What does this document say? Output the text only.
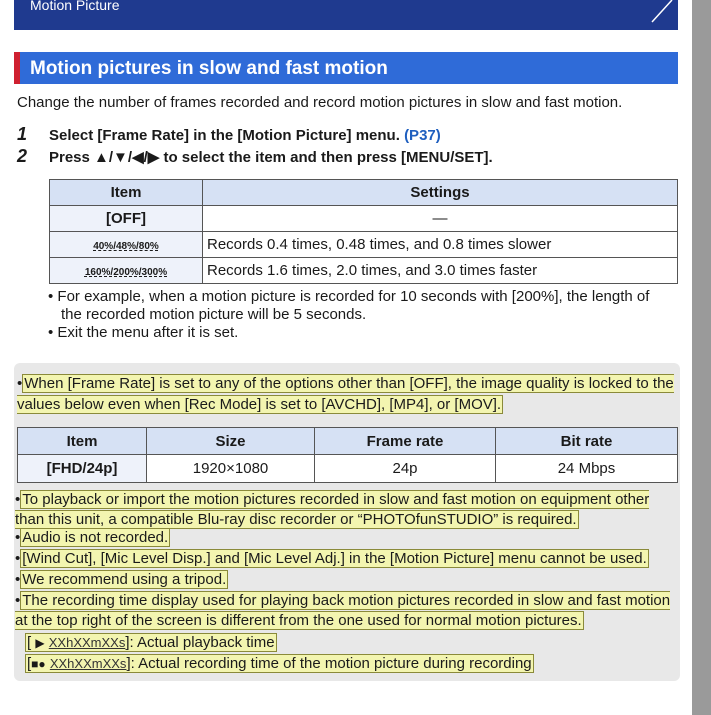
Motion Picture
Motion pictures in slow and fast motion
Change the number of frames recorded and record motion pictures in slow and fast motion.
1 Select [Frame Rate] in the [Motion Picture] menu. (P37)
2 Press ▲/▼/◀/▶ to select the item and then press [MENU/SET].
Item	Settings
[OFF]	—
40%/48%/80%	Records 0.4 times, 0.48 times, and 0.8 times slower
160%/200%/300%	Records 1.6 times, 2.0 times, and 3.0 times faster
• For example, when a motion picture is recorded for 10 seconds with [200%], the length of the recorded motion picture will be 5 seconds.
• Exit the menu after it is set.
• When [Frame Rate] is set to any of the options other than [OFF], the image quality is locked to the values below even when [Rec Mode] is set to [AVCHD], [MP4], or [MOV].
Item	Size	Frame rate	Bit rate
[FHD/24p]	1920×1080	24p	24 Mbps
• To playback or import the motion pictures recorded in slow and fast motion on equipment other than this unit, a compatible Blu-ray disc recorder or “PHOTOfunSTUDIO” is required.
• Audio is not recorded.
• [Wind Cut], [Mic Level Disp.] and [Mic Level Adj.] in the [Motion Picture] menu cannot be used.
• We recommend using a tripod.
• The recording time display used for playing back motion pictures recorded in slow and fast motion at the top right of the screen is different from the one used for normal motion pictures.
[ ▶ XXhXXmXXs]: Actual playback time
[■● XXhXXmXXs]: Actual recording time of the motion picture during recording
